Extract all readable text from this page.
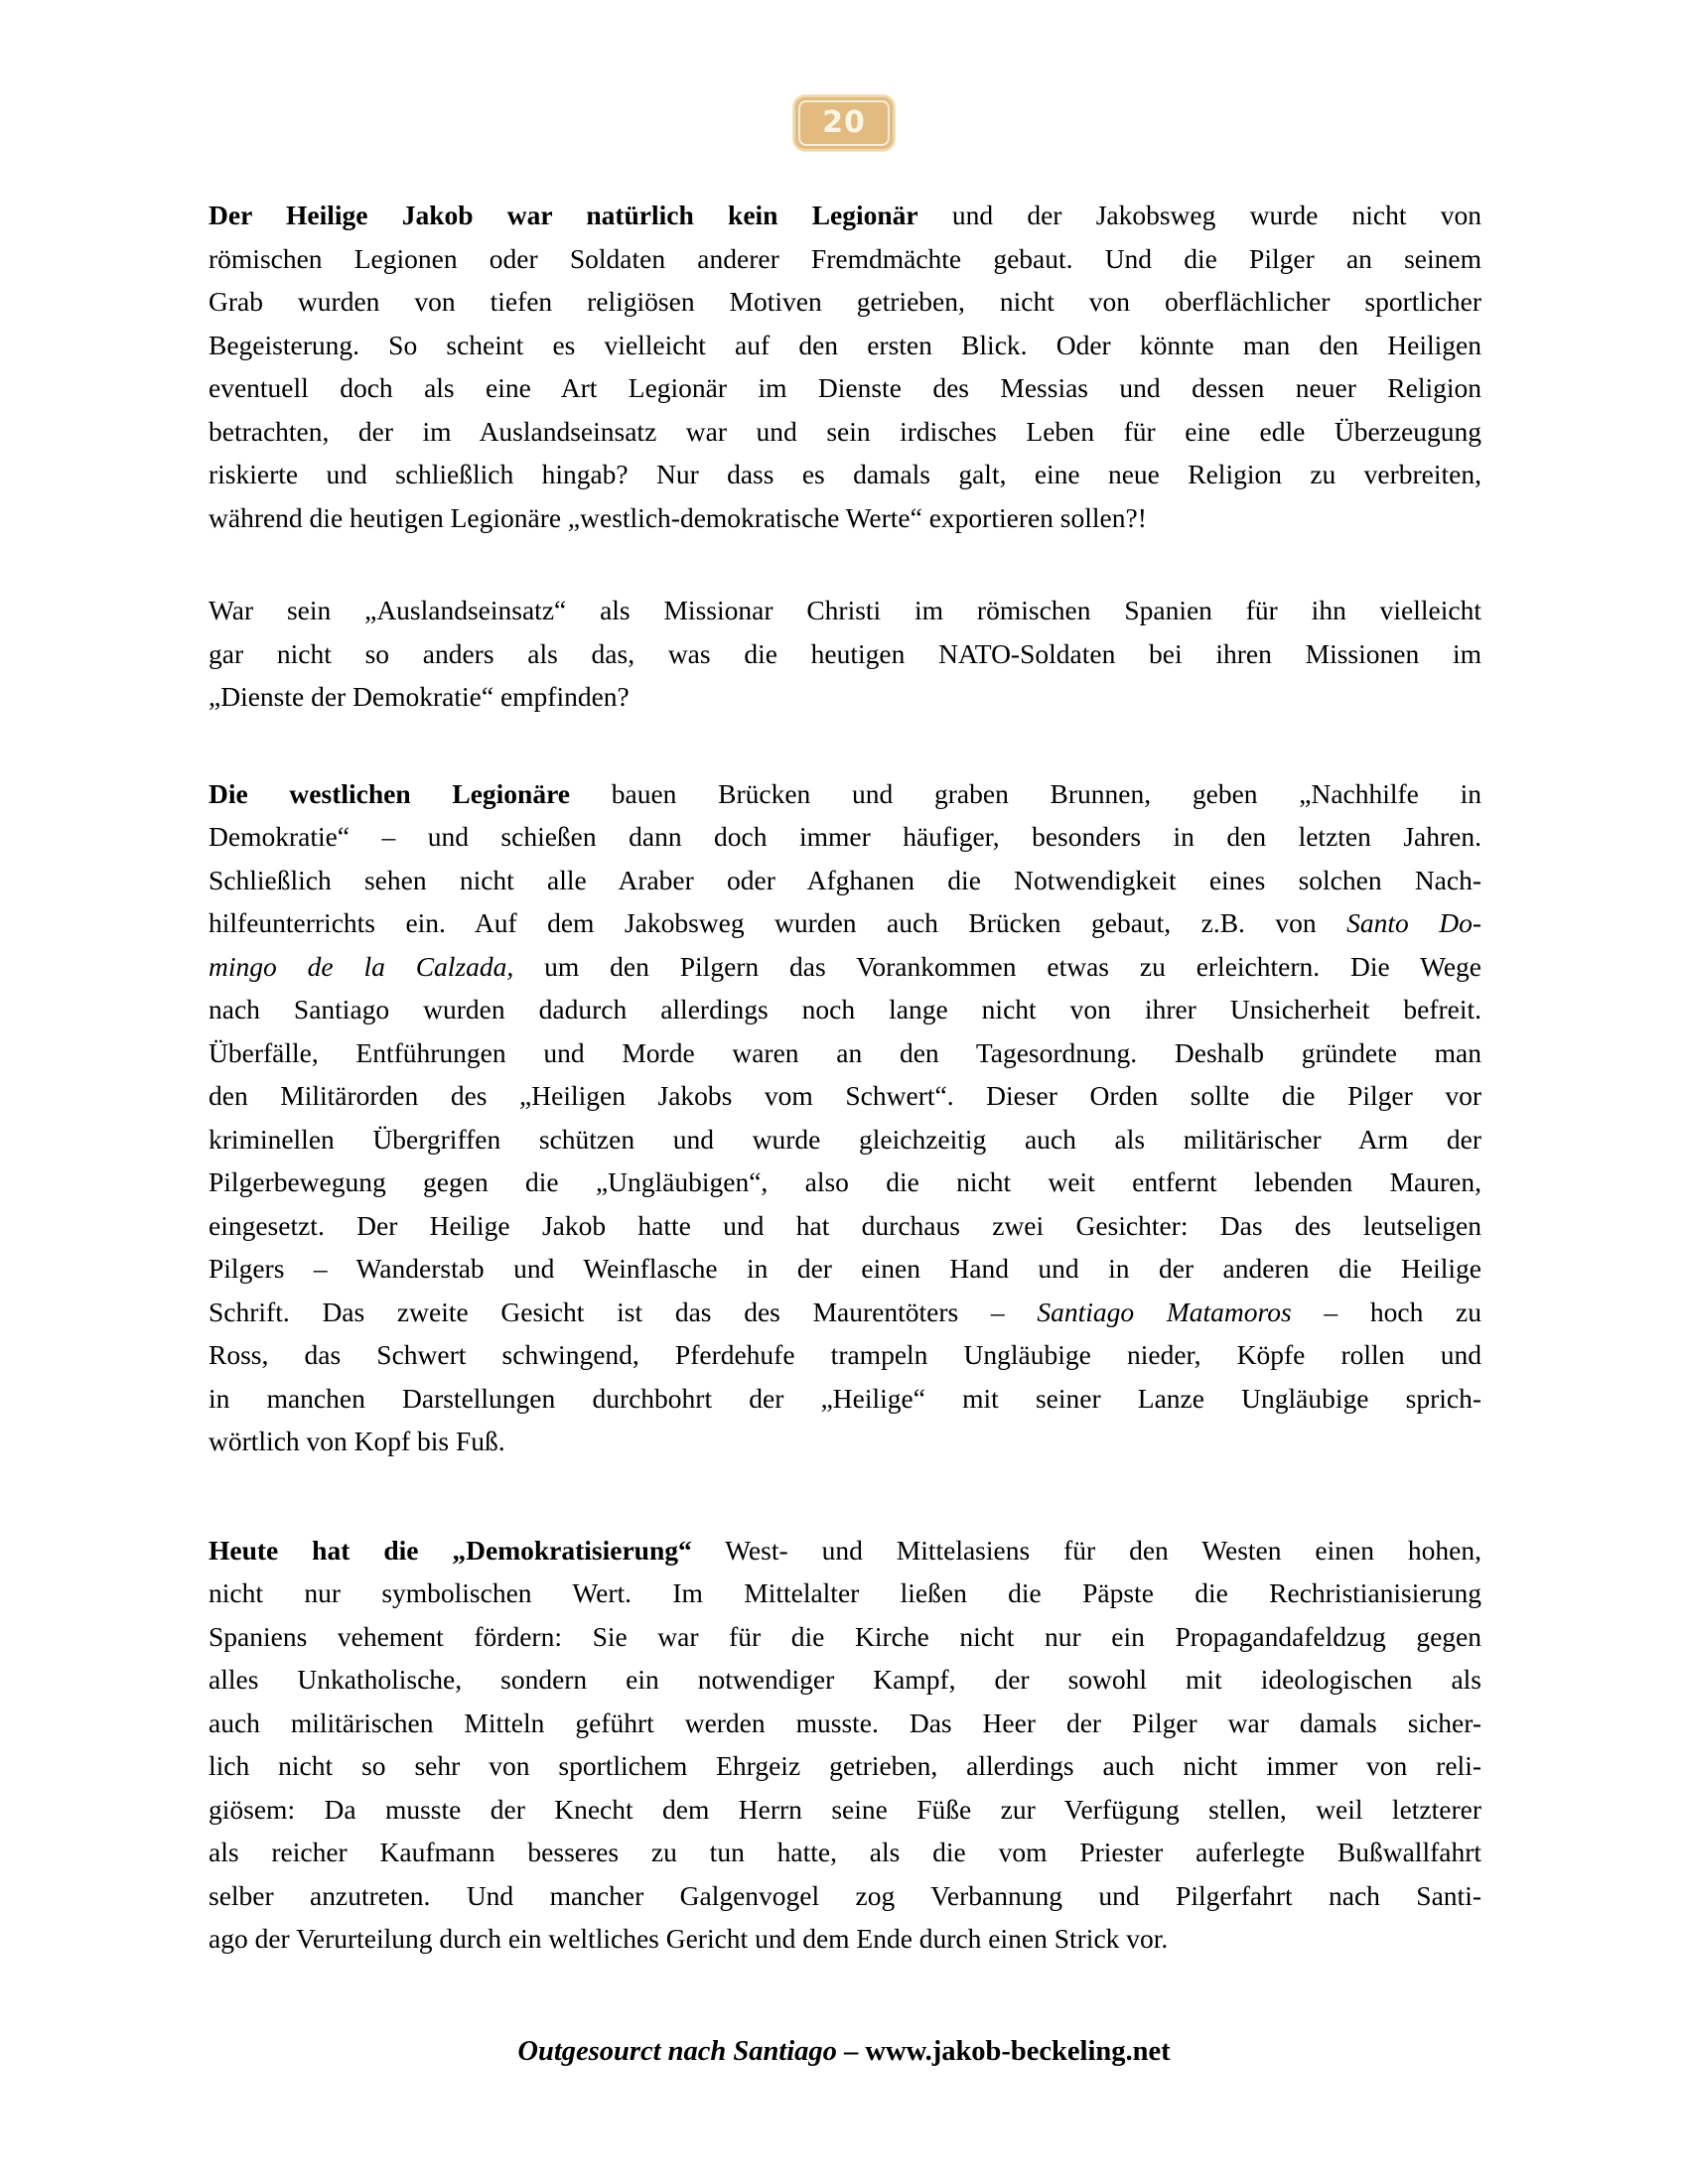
20

Der Heilige Jakob war natürlich kein Legionär und der Jakobsweg wurde nicht von
römischen Legionen oder Soldaten anderer Fremdmächte gebaut. Und die Pilger an seinem
Grab wurden von tiefen religiösen Motiven getrieben, nicht von oberflächlicher sportlicher
Begeisterung. So scheint es vielleicht auf den ersten Blick. Oder könnte man den Heiligen
eventuell doch als eine Art Legionär im Dienste des Messias und dessen neuer Religion
betrachten, der im Auslandseinsatz war und sein irdisches Leben für eine edle Überzeugung
riskierte und schließlich hingab? Nur dass es damals galt, eine neue Religion zu verbreiten,
während die heutigen Legionäre „westlich-demokratische Werte“ exportieren sollen?!

War sein „Auslandseinsatz“ als Missionar Christi im römischen Spanien für ihn vielleicht
gar nicht so anders als das, was die heutigen NATO-Soldaten bei ihren Missionen im
„Dienste der Demokratie“ empfinden?

Die westlichen Legionäre bauen Brücken und graben Brunnen, geben „Nachhilfe in
Demokratie“ – und schießen dann doch immer häufiger, besonders in den letzten Jahren.
Schließlich sehen nicht alle Araber oder Afghanen die Notwendigkeit eines solchen Nach-
hilfeunterrichts ein. Auf dem Jakobsweg wurden auch Brücken gebaut, z.B. von Santo Do-
mingo de la Calzada, um den Pilgern das Vorankommen etwas zu erleichtern. Die Wege
nach Santiago wurden dadurch allerdings noch lange nicht von ihrer Unsicherheit befreit.
Überfälle, Entführungen und Morde waren an den Tagesordnung. Deshalb gründete man
den Militärorden des „Heiligen Jakobs vom Schwert“. Dieser Orden sollte die Pilger vor
kriminellen Übergriffen schützen und wurde gleichzeitig auch als militärischer Arm der
Pilgerbewegung gegen die „Ungläubigen“, also die nicht weit entfernt lebenden Mauren,
eingesetzt. Der Heilige Jakob hatte und hat durchaus zwei Gesichter: Das des leutseligen
Pilgers – Wanderstab und Weinflasche in der einen Hand und in der anderen die Heilige
Schrift. Das zweite Gesicht ist das des Maurentöters – Santiago Matamoros – hoch zu
Ross, das Schwert schwingend, Pferdehufe trampeln Ungläubige nieder, Köpfe rollen und
in manchen Darstellungen durchbohrt der „Heilige“ mit seiner Lanze Ungläubige sprich-
wörtlich von Kopf bis Fuß.

Heute hat die „Demokratisierung“ West- und Mittelasiens für den Westen einen hohen,
nicht nur symbolischen Wert. Im Mittelalter ließen die Päpste die Rechristianisierung
Spaniens vehement fördern: Sie war für die Kirche nicht nur ein Propagandafeldzug gegen
alles Unkatholische, sondern ein notwendiger Kampf, der sowohl mit ideologischen als
auch militärischen Mitteln geführt werden musste. Das Heer der Pilger war damals sicher-
lich nicht so sehr von sportlichem Ehrgeiz getrieben, allerdings auch nicht immer von reli-
giösem: Da musste der Knecht dem Herrn seine Füße zur Verfügung stellen, weil letzterer
als reicher Kaufmann besseres zu tun hatte, als die vom Priester auferlegte Bußwallfahrt
selber anzutreten. Und mancher Galgenvogel zog Verbannung und Pilgerfahrt nach Santi-
ago der Verurteilung durch ein weltliches Gericht und dem Ende durch einen Strick vor.

Outgesourct nach Santiago – www.jakob-beckeling.net
